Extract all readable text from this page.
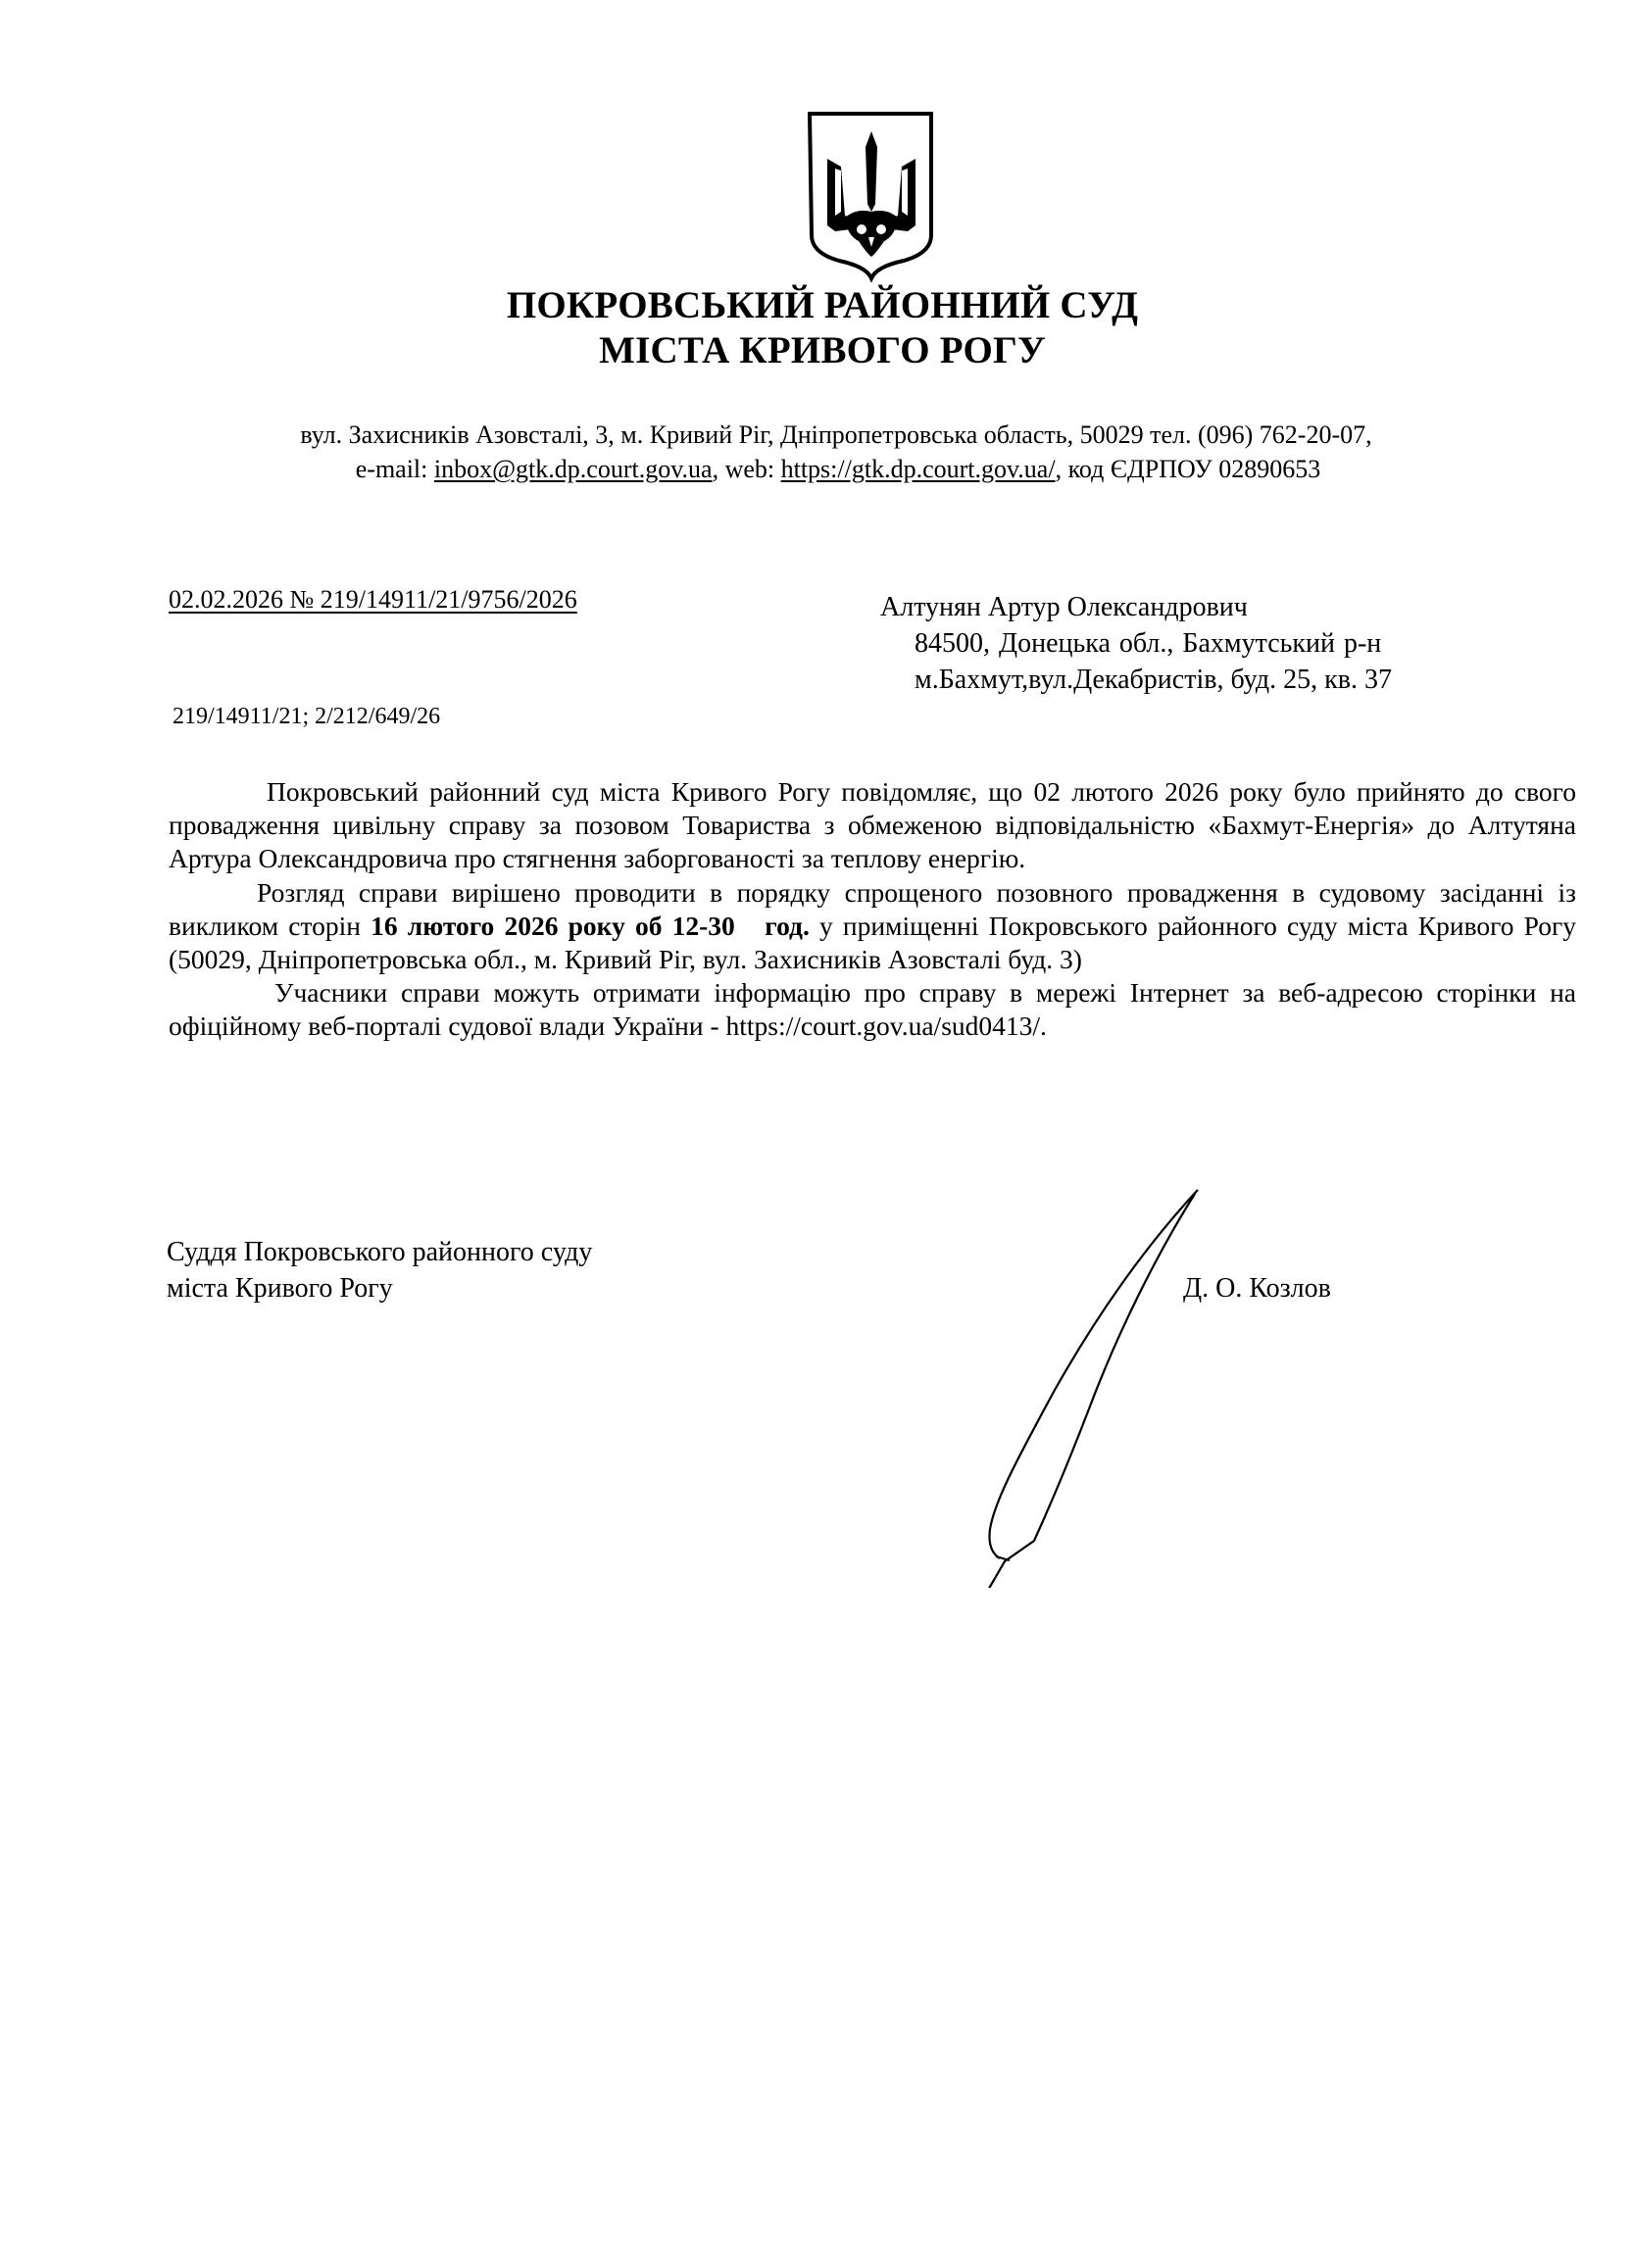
ПОКРОВСЬКИЙ РАЙОННИЙ СУД
МІСТА КРИВОГО РОГУ
вул. Захисників Азовсталі, 3, м. Кривий Ріг, Дніпропетровська область, 50029 тел. (096) 762-20-07,
e-mail: inbox@gtk.dp.court.gov.ua, web: https://gtk.dp.court.gov.ua/, код ЄДРПОУ 02890653
02.02.2026 № 219/14911/21/9756/2026
219/14911/21; 2/212/649/26
Алтунян Артур Олександрович
84500, Донецька обл., Бахмутський р-н
м.Бахмут,вул.Декабристів, буд. 25, кв. 37

Покровський районний суд міста Кривого Рогу повідомляє, що 02 лютого 2026 року було прийнято до свого провадження цивільну справу за позовом Товариства з обмеженою відповідальністю «Бахмут-Енергія» до Алтутяна Артура Олександровича про стягнення заборгованості за теплову енергію.

Розгляд справи вирішено проводити в порядку спрощеного позовного провадження в судовому засіданні із викликом сторін 16 лютого 2026 року об 12-30 год. у приміщенні Покровського районного суду міста Кривого Рогу (50029, Дніпропетровська обл., м. Кривий Ріг, вул. Захисників Азовсталі буд. 3)

Учасники справи можуть отримати інформацію про справу в мережі Інтернет за веб-адресою сторінки на офіційному веб-порталі судової влади України - https://court.gov.ua/sud0413/.

Суддя Покровського районного суду
міста Кривого Рогу	Д. О. Козлов
